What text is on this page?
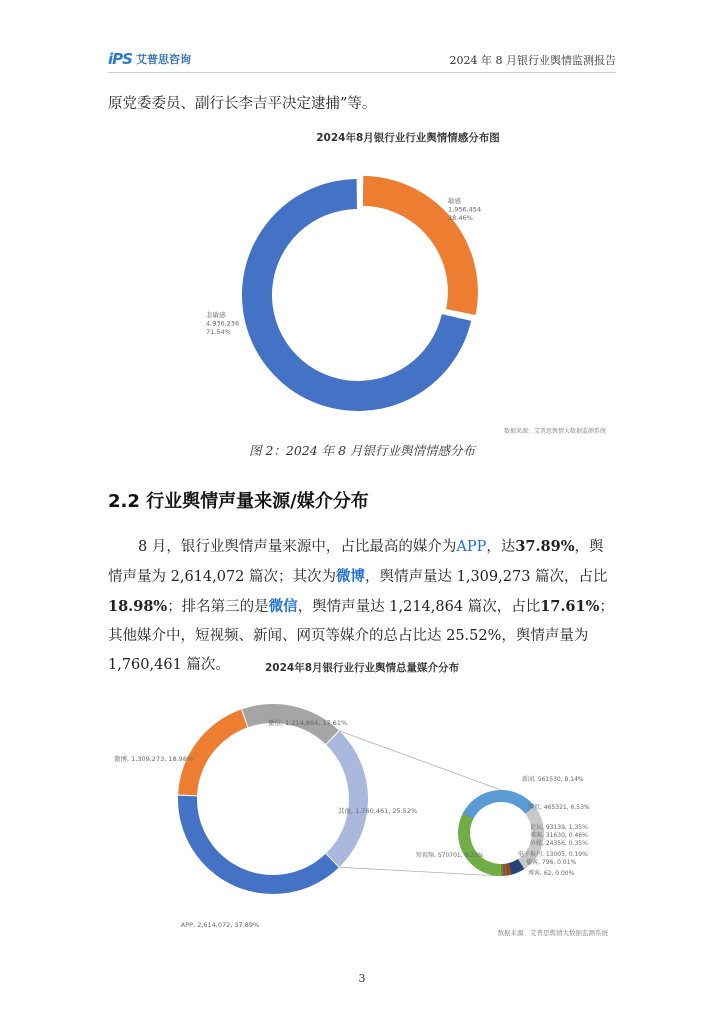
iPS 艾普思咨询	2024 年 8 月银行业舆情监测报告
原党委委员、副行长李吉平决定逮捕”等。
2024年8月银行业行业舆情情感分布图
敏感 1,956,454 28.46%
非敏感 4,936,236 71.54%
数据来源：艾普思舆情大数据监测系统
图 2：2024 年 8 月银行业舆情情感分布
2.2 行业舆情声量来源/媒介分布
8 月，银行业舆情声量来源中，占比最高的媒介为APP，达37.89%，舆情声量为 2,614,072 篇次；其次为微博，舆情声量达 1,309,273 篇次，占比18.98%；排名第三的是微信，舆情声量达 1,214,864 篇次，占比17.61%；其他媒介中，短视频、新闻、网页等媒介的总占比达 25.52%，舆情声量为 1,760,461 篇次。	2024年8月银行业行业舆情总量媒介分布
APP, 2,614,072, 37.89%
微博, 1,309,273, 18.98%
微信, 1,214,864, 17.61%
其他, 1,760,461, 25.52%
新闻, 561530, 8.14%
网页, 465321, 6.53%
论坛, 93139, 1.35%
博客, 31630, 0.46%
外媒, 24356, 0.35%
电子报刊, 13005, 0.19%
短视频, 570701, 8.27%
播客, 796, 0.01%
博客, 62, 0.00%
数据来源：艾普思舆情大数据监测系统
3
